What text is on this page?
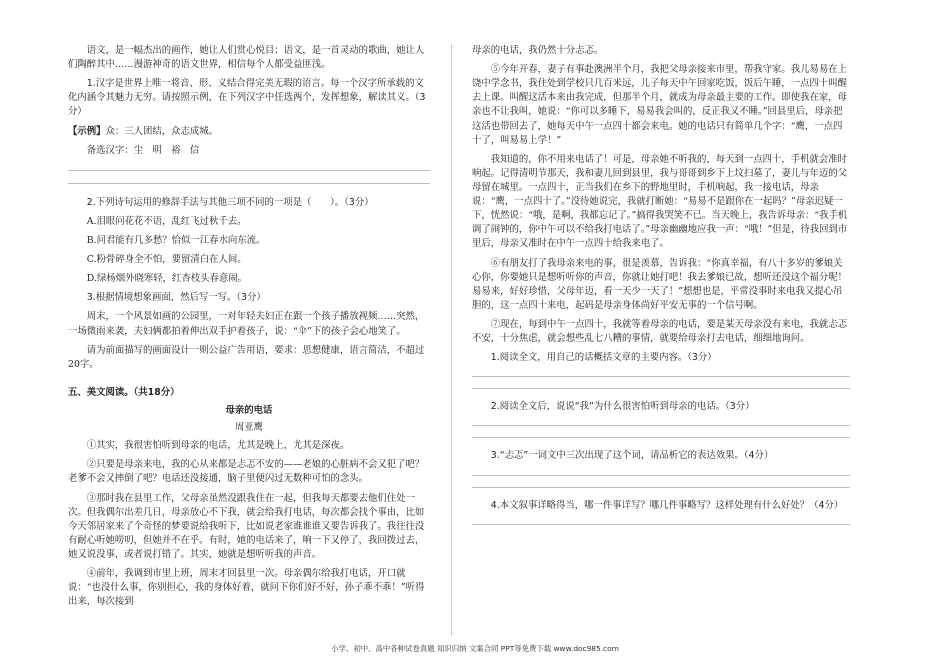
语文，是一幅杰出的画作，她让人们赏心悦目；语文，是一首灵动的歌曲，她让人们陶醉其中……漫游神奇的语文世界，相信每个人都受益匪浅。

1.汉字是世界上唯一将音、形、义结合得完美无瑕的语言。每一个汉字所承载的文化内涵令其魅力无穷。请按照示例，在下列汉字中任选两个，发挥想象，解读其义。（3分）

【示例】众：三人团结，众志成城。

备选汉字：尘　明　裕　信

2.下列诗句运用的修辞手法与其他三项不同的一项是（　　）。（3分）

A.泪眼问花花不语，乱红飞过秋千去。

B.问君能有几多愁？恰似一江春水向东流。

C.粉骨碎身全不怕，要留清白在人间。

D.绿杨烟外晓寒轻，红杏枝头春意闹。

3.根据情境想象画面，然后写一写。（3分）

周末，一个风景如画的公园里，一对年轻夫妇正在跟一个孩子播放视频……突然，一场微雨来袭，夫妇俩都拍着伸出双手护着孩子，说：“伞”下的孩子会心地笑了。

请为前面描写的画面设计一则公益广告用语，要求：思想健康，语言简洁，不超过20字。

五、美文阅读。（共18分）
母亲的电话
周亚鹰

①其实，我很害怕听到母亲的电话，尤其是晚上，尤其是深夜。

②只要是母亲来电，我的心从来都是忐忑不安的——老娘的心脏病不会又犯了吧？老爹不会又摔倒了吧？电话还没接通，脑子里便闪过无数种可怕的念头。

③那时我在县里工作，父母亲虽然没跟我住在一起，但我每天都要去他们住处一次。但我偶尔出差几日，母亲放心不下我，就会给我打电话，每次都会找个事由，比如今天邻居家来了个奇怪的梦要说给我听下，比如说老家谁谁谁又要告诉我了。我往往没有耐心听她唠叨，但她并不在乎。有时，她的电话来了，响一下又停了，我回拨过去，她又说没事，或者说打错了。其实，她就是想听听我的声音。

④前年，我调到市里上班，周末才回县里一次。母亲偶尔给我打电话，开口就说：“也没什么事，你别担心，我的身体好着，就问下你们好不好，孙子乖不乖！”听得出来，每次接到

母亲的电话，我仍然十分忐忑。

⑤今年开春，妻子有事赴澳洲半个月，我把父母亲接来市里，帮我守家。我儿易易在上饶中学念书，我住处到学校只几百米远，儿子每天中午回家吃饭，饭后午睡，一点四十叫醒去上课。叫醒这活本来由我完成，但那半个月，就成为母亲最主要的工作。即使我在家，母亲也不让我叫，她说：“你可以多睡下，易易我会叫的，反正我又不睡。”回县里后，母亲把这活也带回去了，她每天中午一点四十都会来电。她的电话只有简单几个字：“鹰，一点四十了，叫易易上学！”

我知道的，你不用来电话了！可是，母亲她不听我的，每天到一点四十，手机就会准时响起。记得清明节那天，我和妻儿回到县里，我与哥哥到乡下上坟扫墓了，妻儿与年迈的父母留在城里。一点四十，正当我们在乡下的野地里时，手机响起，我一接电话，母亲说：“鹰，一点四十了。”没待她说完，我就打断她：“易易不是跟你在一起吗？”母亲迟疑一下，恍然说：“哦，是啊，我都忘记了。”搞得我哭笑不已。当天晚上，我告诉母亲：“我手机调了闹钟的，你中午可以不给我打电话了。”母亲幽幽地应我一声：“哦！”但是，待我回到市里后，母亲又准时在中午一点四十给我来电了。

⑥有朋友打了我母亲来电的事，很是羡慕，告诉我：“你真幸福，有八十多岁的爹娘关心你，你要她只是想听听你的声音，你就让她打吧！我去爹娘已故，想听还没这个福分呢！易易来，好好珍惜，父母年迈，看一天少一天了！”想想也是，平常没事时来电我又提心吊胆的，这一点四十来电，起码是母亲身体尚好平安无事的一个信号啊。

⑦现在，每到中午一点四十，我就等着母亲的电话，要是某天母亲没有来电，我就忐忑不安，十分焦虑，就会想些乱七八糟的事情，就要给母亲打去电话，细细地询问。

1.阅读全文，用自己的话概括文章的主要内容。（3分）

2.阅读全文后，说说“我”为什么很害怕听到母亲的电话。（3分）

3.“忐忑”一词文中三次出现了这个词，请品析它的表达效果。（4分）

4.本文叙事详略得当，哪一件事详写？哪几件事略写？这样处理有什么好处？（4分）

小学、初中、高中各种试卷真题 知识归纳 文案合同 PPT等免费下载 www.doc985.com
